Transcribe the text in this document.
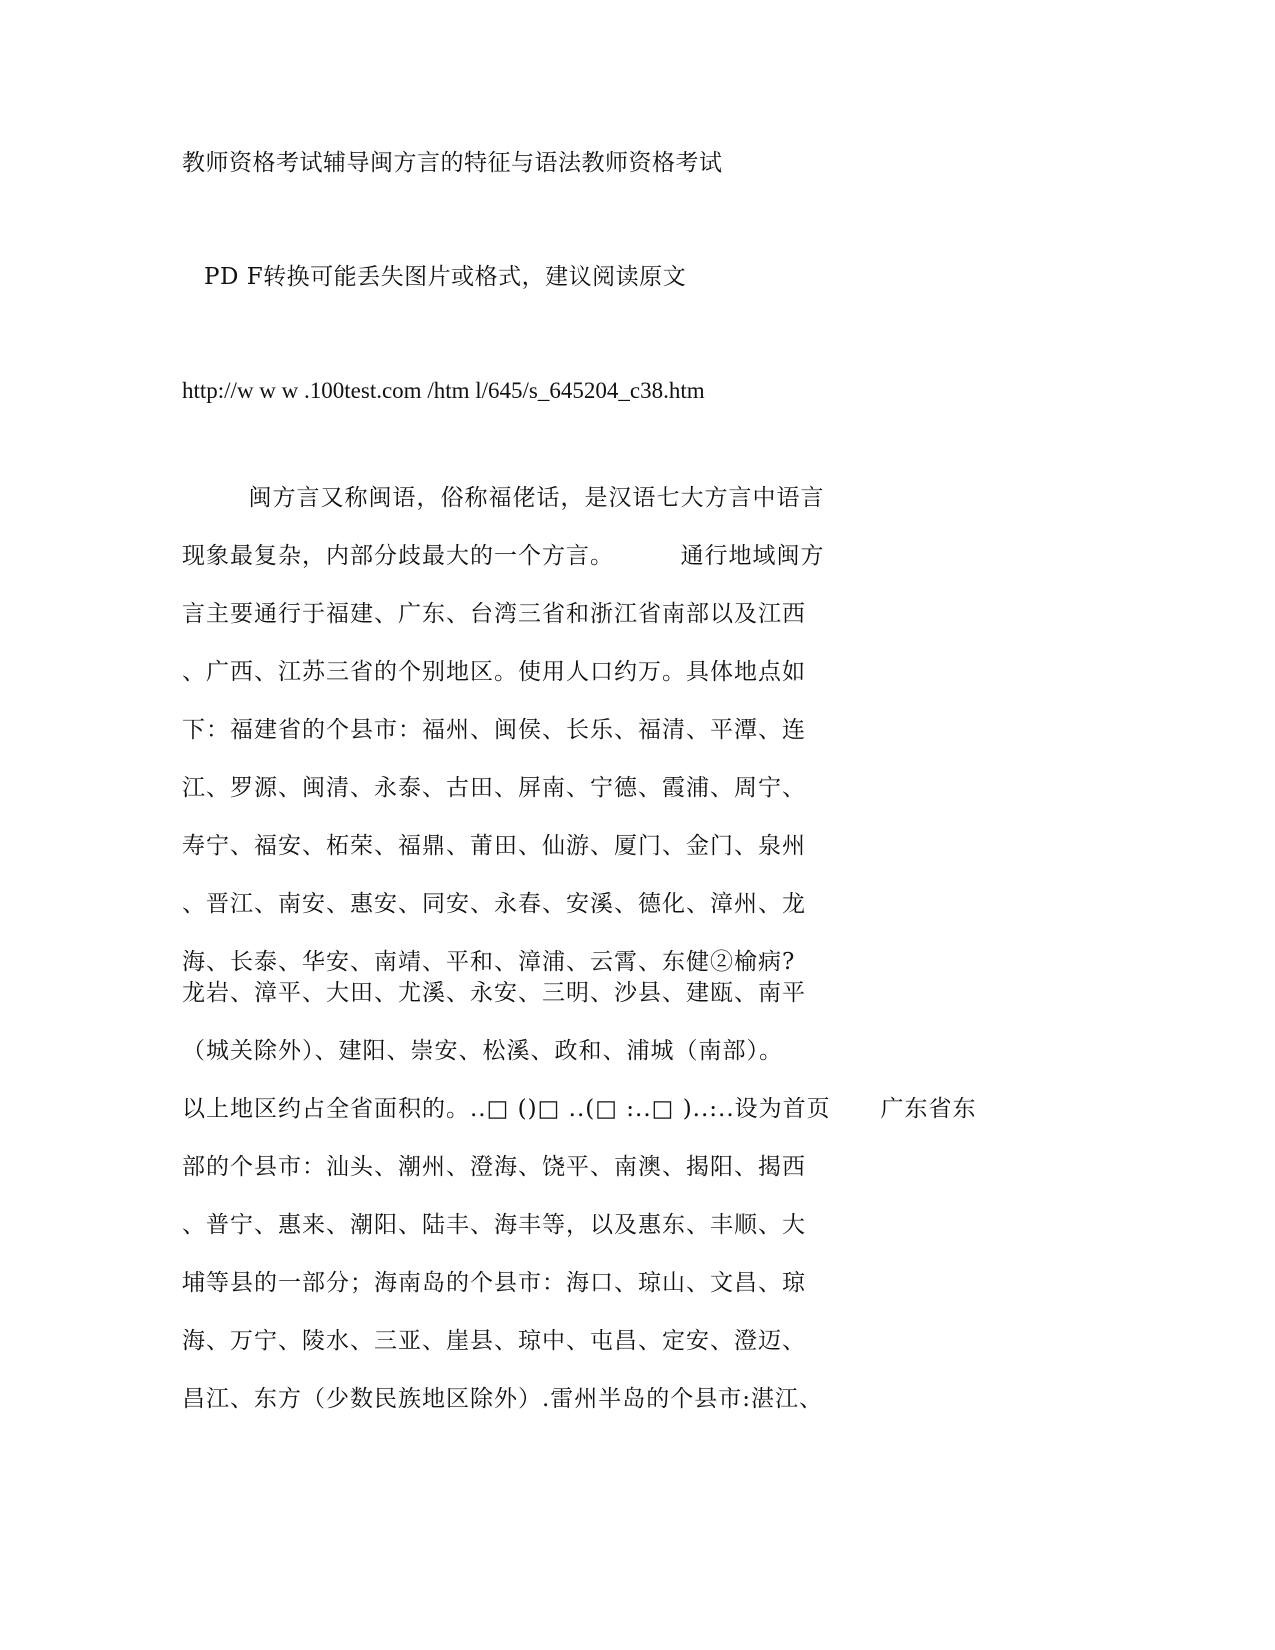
教师资格考试辅导闽方言的特征与语法教师资格考试
PD F转换可能丢失图片或格式，建议阅读原文
http://w w w .100test.com /htm l/645/s_645204_c38.htm
闽方言又称闽语，俗称福佬话，是汉语七大方言中语言
现象最复杂，内部分歧最大的一个方言。        通行地域闽方
言主要通行于福建、广东、台湾三省和浙江省南部以及江西
、广西、江苏三省的个别地区。使用人口约万。具体地点如
下：福建省的个县市：福州、闽侯、长乐、福清、平潭、连
江、罗源、闽清、永泰、古田、屏南、宁德、霞浦、周宁、
寿宁、福安、柘荣、福鼎、莆田、仙游、厦门、金门、泉州
、晋江、南安、惠安、同安、永春、安溪、德化、漳州、龙
海、长泰、华安、南靖、平和、漳浦、云霄、东健②榆病?
龙岩、漳平、大田、尤溪、永安、三明、沙县、建瓯、南平
（城关除外）、建阳、崇安、松溪、政和、浦城（南部）。
以上地区约占全省面积的。..□ ()□ ..(□ :..□ )..:..设为首页      广东省东
部的个县市：汕头、潮州、澄海、饶平、南澳、揭阳、揭西
、普宁、惠来、潮阳、陆丰、海丰等，以及惠东、丰顺、大
埔等县的一部分；海南岛的个县市：海口、琼山、文昌、琼
海、万宁、陵水、三亚、崖县、琼中、屯昌、定安、澄迈、
昌江、东方（少数民族地区除外）.雷州半岛的个县市:湛江、
